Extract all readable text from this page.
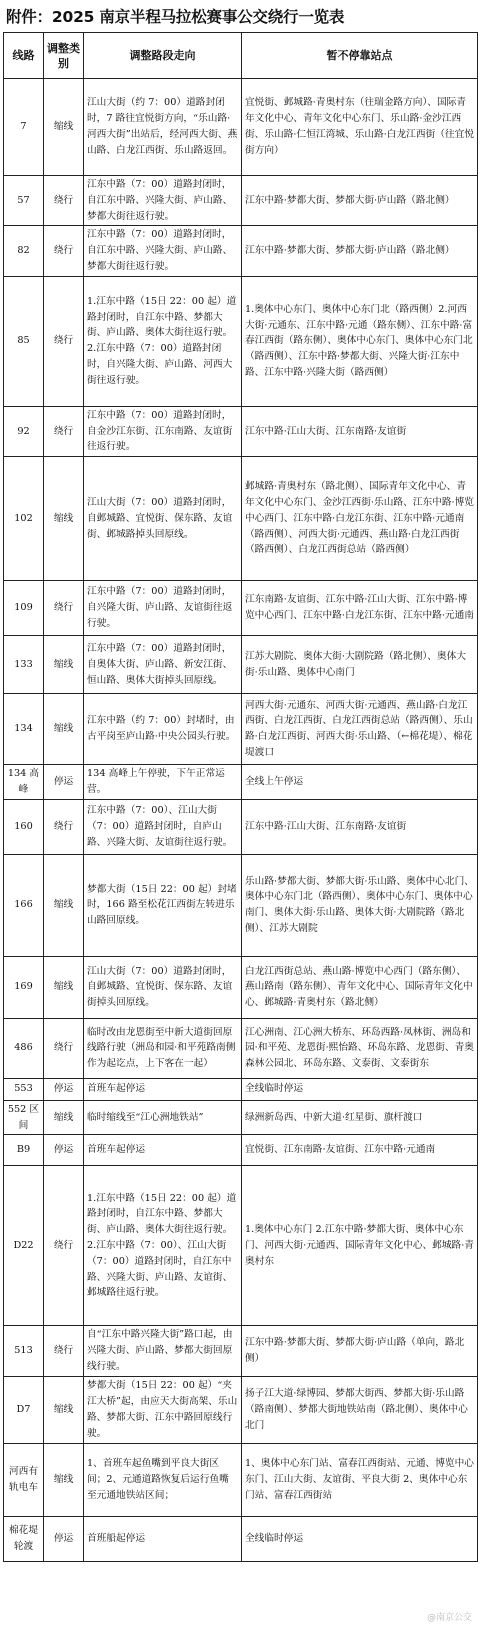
附件：2025 南京半程马拉松赛事公交绕行一览表
线路	调整类别	调整路段走向	暂不停靠站点
7	缩线	江山大街（约 7：00）道路封闭时，7 路往宜悦街方向，“乐山路·河西大街”出站后，经河西大街、燕山路、白龙江西街、乐山路返回。	宜悦街、邺城路·青奥村东（往瑞金路方向）、国际青年文化中心、青年文化中心东门、乐山路·金沙江西街、乐山路·仁恒江湾城、乐山路·白龙江西街（往宜悦街方向）
57	绕行	江东中路（7：00）道路封闭时，自江东中路、兴隆大街、庐山路、梦都大街往返行驶。	江东中路·梦都大街、梦都大街·庐山路（路北侧）
82	绕行	江东中路（7：00）道路封闭时，自江东中路、兴隆大街、庐山路、梦都大街往返行驶。	江东中路·梦都大街、梦都大街·庐山路（路北侧）
85	绕行	1.江东中路（15日 22：00 起）道路封闭时，自江东中路、梦都大街、庐山路、奥体大街往返行驶。2.江东中路（7：00）道路封闭时，自兴隆大街、庐山路、河西大街往返行驶。	1.奥体中心东门、奥体中心东门北（路西侧）2.河西大街·元通东、江东中路·元通（路东侧）、江东中路·富春江西街（路东侧）、奥体中心东门、奥体中心东门北（路西侧）、江东中路·梦都大街、兴隆大街·江东中路、江东中路·兴隆大街（路西侧）
92	绕行	江东中路（7：00）道路封闭时，自金沙江东街、江东南路、友谊街往返行驶。	江东中路·江山大街、江东南路·友谊街
102	缩线	江山大街（7：00）道路封闭时，自邺城路、宜悦街、保东路、友谊街、邺城路掉头回原线。	邺城路·青奥村东（路北侧）、国际青年文化中心、青年文化中心东门、金沙江西街·乐山路、江东中路·博览中心西门、江东中路·白龙江东街、江东中路·元通南（路西侧）、河西大街·元通西、燕山路·白龙江西街（路西侧）、白龙江西街总站（路西侧）
109	绕行	江东中路（7：00）道路封闭时，自兴隆大街、庐山路、友谊街往返行驶。	江东南路·友谊街、江东中路·江山大街、江东中路·博览中心西门、江东中路·白龙江东街、江东中路·元通南
133	缩线	江东中路（7：00）道路封闭时，自奥体大街、庐山路、新安江街、恒山路、奥体大街掉头回原线。	江苏大剧院、奥体大街·大剧院路（路北侧）、奥体大街·乐山路、奥体中心南门
134	缩线	江东中路（约 7：00）封堵时，由古平岗至庐山路·中央公园头行驶。	河西大街·元通东、河西大街·元通西、燕山路·白龙江西街、白龙江西街、白龙江西街总站（路西侧）、乐山路·白龙江西街、河西大街·乐山路、（←棉花堤）、棉花堤渡口
134 高峰	停运	134 高峰上午停驶，下午正常运营。	全线上午停运
160	绕行	江东中路（7：00）、江山大街（7：00）道路封闭时，自庐山路、兴隆大街、友谊街往返行驶。	江东中路·江山大街、江东南路·友谊街
166	缩线	梦都大街（15日 22：00 起）封堵时，166 路至松花江西街左转进乐山路回原线。	乐山路·梦都大街、梦都大街·乐山路、奥体中心北门、奥体中心东门北（路西侧）、奥体中心东门、奥体中心南门、奥体大街·乐山路、奥体大街·大剧院路（路北侧）、江苏大剧院
169	缩线	江山大街（7：00）道路封闭时，自邺城路、宜悦街、保东路、友谊街掉头回原线。	白龙江西街总站、燕山路·博览中心西门（路东侧）、燕山路南（路东侧）、青年文化中心、国际青年文化中心、邺城路·青奥村东（路北侧）
486	绕行	临时改由龙恩街至中新大道街回原线路行驶（洲岛和园·和平苑路南侧作为起讫点，上下客在一起）	江心洲南、江心洲大桥东、环岛西路·凤林街、洲岛和园·和平苑、龙恩街·熙怡路、环岛东路、龙恩街、青奥森林公园北、环岛东路、文泰街、文泰街东
553	停运	首班车起停运	全线临时停运
552 区间	缩线	临时缩线至“江心洲地铁站”	绿洲新岛西、中新大道·红星街、旗杆渡口
B9	停运	首班车起停运	宜悦街、江东南路·友谊街、江东中路·元通南
D22	绕行	1.江东中路（15日 22：00 起）道路封闭时，自江东中路、梦都大街、庐山路、奥体大街往返行驶。2.江东中路（7：00）、江山大街（7：00）道路封闭时，自江东中路、兴隆大街、庐山路、友谊街、邺城路往返行驶。	1.奥体中心东门 2.江东中路·梦都大街、奥体中心东门、河西大街·元通西、国际青年文化中心、邺城路·青奥村东
513	绕行	自“江东中路兴隆大街”路口起，由兴隆大街、庐山路、梦都大街回原线行驶。	江东中路·梦都大街、梦都大街·庐山路（单向，路北侧）
D7	缩线	梦都大街（15日 22：00 起）“夹江大桥”起，由应天大街高架、乐山路、梦都大街、江东中路回原线行驶。	扬子江大道·绿博园、梦都大街西、梦都大街·乐山路（路南侧）、梦都大街地铁站南（路北侧）、奥体中心北门
河西有轨电车	缩线	1、首班车起鱼嘴到平良大街区间；2、元通道路恢复后运行鱼嘴至元通地铁站区间；	1、奥体中心东门站、富春江西街站、元通、博览中心东门、江山大街、友谊街、平良大街 2、奥体中心东门站、富春江西街站
棉花堤轮渡	停运	首班船起停运	全线临时停运
@南京公交
